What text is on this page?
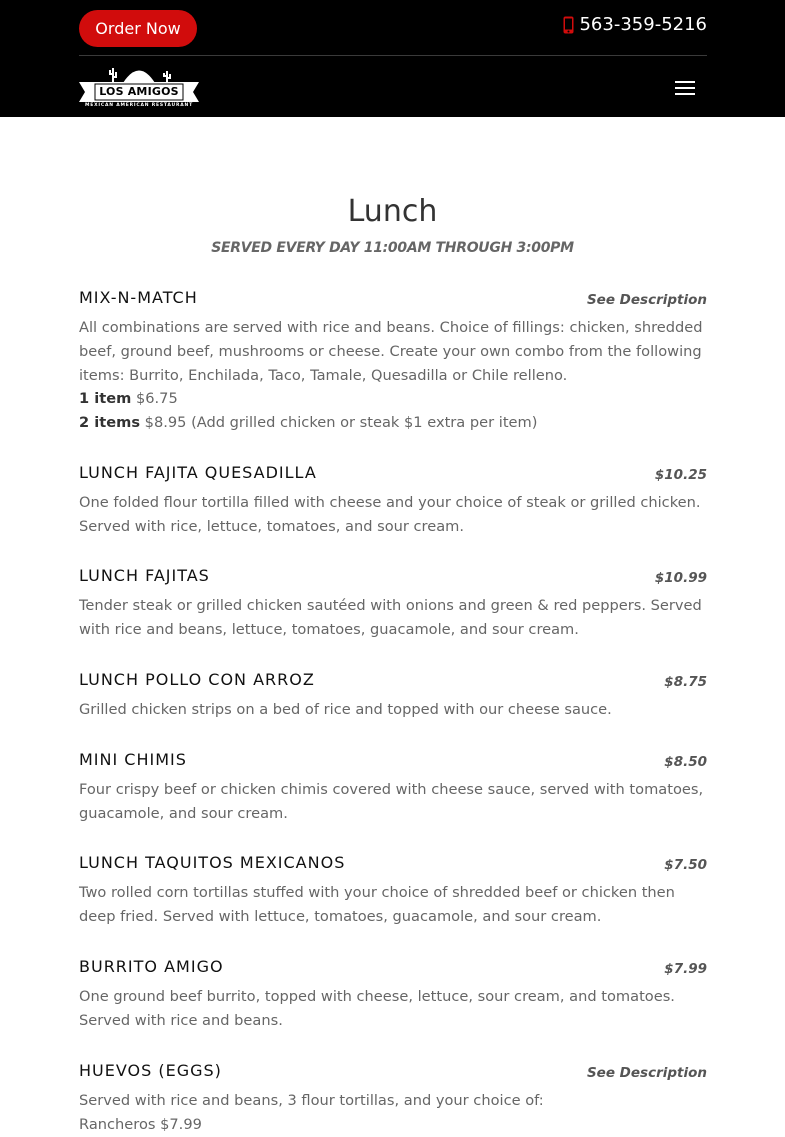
Order Now	563-359-5216
LOS AMIGOS
MEXICAN AMERICAN RESTAURANT
Lunch
SERVED EVERY DAY 11:00AM THROUGH 3:00PM
MIX-N-MATCH	See Description
All combinations are served with rice and beans. Choice of fillings: chicken, shredded beef, ground beef, mushrooms or cheese. Create your own combo from the following items: Burrito, Enchilada, Taco, Tamale, Quesadilla or Chile relleno.
1 item $6.75
2 items $8.95 (Add grilled chicken or steak $1 extra per item)
LUNCH FAJITA QUESADILLA	$10.25
One folded flour tortilla filled with cheese and your choice of steak or grilled chicken. Served with rice, lettuce, tomatoes, and sour cream.
LUNCH FAJITAS	$10.99
Tender steak or grilled chicken sautéed with onions and green & red peppers. Served with rice and beans, lettuce, tomatoes, guacamole, and sour cream.
LUNCH POLLO CON ARROZ	$8.75
Grilled chicken strips on a bed of rice and topped with our cheese sauce.
MINI CHIMIS	$8.50
Four crispy beef or chicken chimis covered with cheese sauce, served with tomatoes, guacamole, and sour cream.
LUNCH TAQUITOS MEXICANOS	$7.50
Two rolled corn tortillas stuffed with your choice of shredded beef or chicken then deep fried. Served with lettuce, tomatoes, guacamole, and sour cream.
BURRITO AMIGO	$7.99
One ground beef burrito, topped with cheese, lettuce, sour cream, and tomatoes. Served with rice and beans.
HUEVOS (EGGS)	See Description
Served with rice and beans, 3 flour tortillas, and your choice of:
Rancheros $7.99
